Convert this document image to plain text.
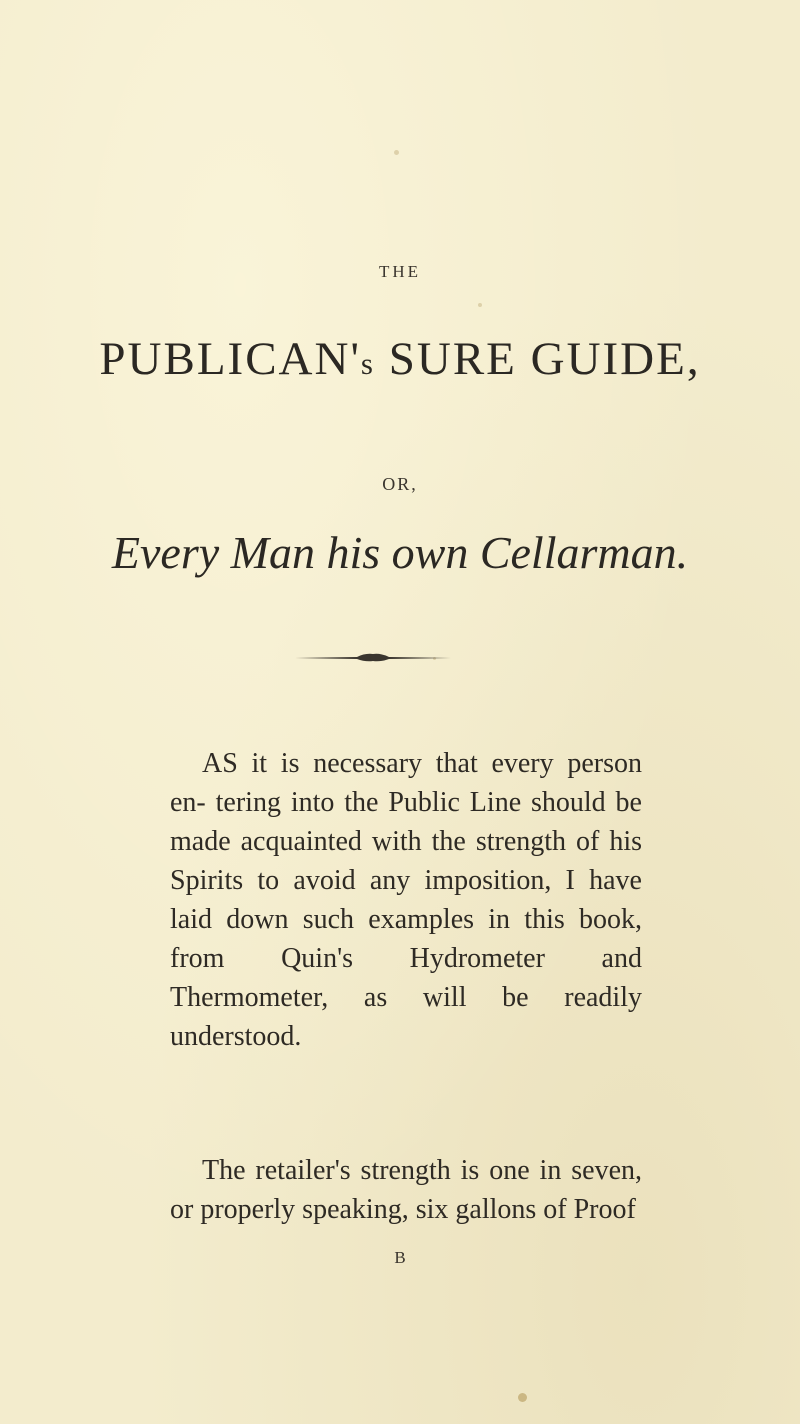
THE
PUBLICAN's SURE GUIDE,
OR,
Every Man his own Cellarman.

AS it is necessary that every person en- tering into the Public Line should be made acquainted with the strength of his Spirits to avoid any imposition, I have laid down such examples in this book, from Quin's Hydrometer and Thermometer, as will be readily understood.

The retailer's strength is one in seven, or properly speaking, six gallons of Proof

B
